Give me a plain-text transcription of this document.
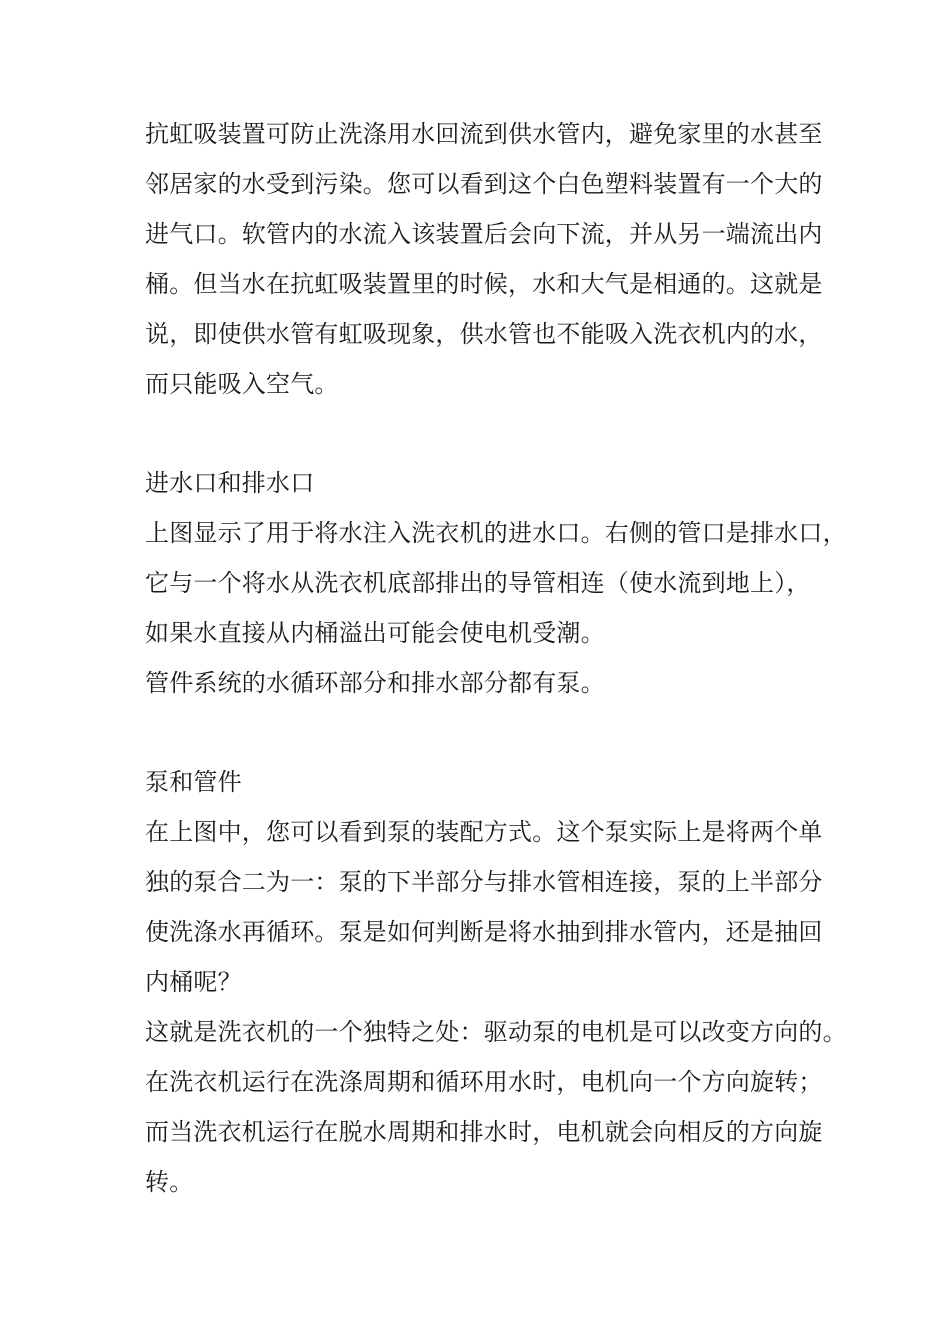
抗虹吸装置可防止洗涤用水回流到供水管内，避免家里的水甚至
邻居家的水受到污染。您可以看到这个白色塑料装置有一个大的
进气口。软管内的水流入该装置后会向下流，并从另一端流出内
桶。但当水在抗虹吸装置里的时候，水和大气是相通的。这就是
说，即使供水管有虹吸现象，供水管也不能吸入洗衣机内的水，
而只能吸入空气。
进水口和排水口
上图显示了用于将水注入洗衣机的进水口。右侧的管口是排水口，
它与一个将水从洗衣机底部排出的导管相连（使水流到地上），
如果水直接从内桶溢出可能会使电机受潮。
管件系统的水循环部分和排水部分都有泵。
泵和管件
在上图中，您可以看到泵的装配方式。这个泵实际上是将两个单
独的泵合二为一：泵的下半部分与排水管相连接，泵的上半部分
使洗涤水再循环。泵是如何判断是将水抽到排水管内，还是抽回
内桶呢？
这就是洗衣机的一个独特之处：驱动泵的电机是可以改变方向的。
在洗衣机运行在洗涤周期和循环用水时，电机向一个方向旋转；
而当洗衣机运行在脱水周期和排水时，电机就会向相反的方向旋
转。
